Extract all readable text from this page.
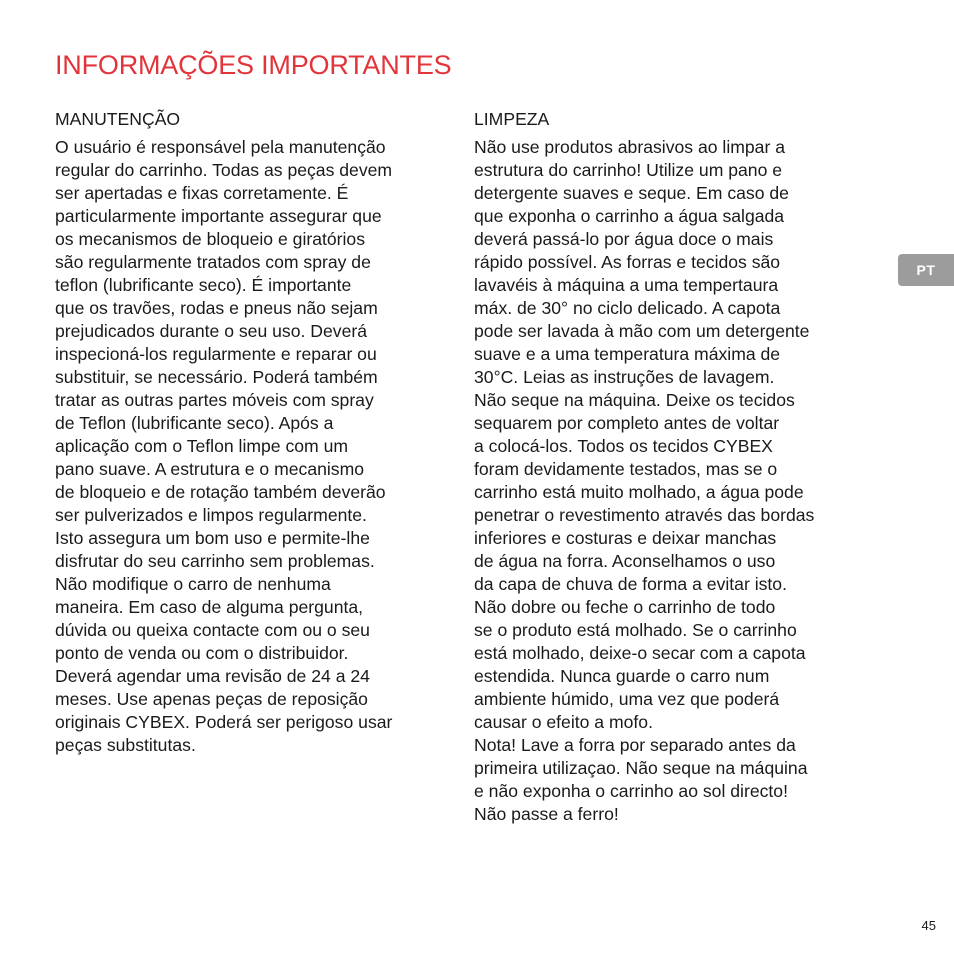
INFORMAÇÕES IMPORTANTES
MANUTENÇÃO
O usuário é responsável pela manutenção
regular do carrinho. Todas as peças devem
ser apertadas e fixas corretamente. É
particularmente importante assegurar que
os mecanismos de bloqueio e giratórios
são regularmente tratados com spray de
teflon (lubrificante seco). É importante
que os travões, rodas e pneus não sejam
prejudicados durante o seu uso. Deverá
inspecioná-los regularmente e reparar ou
substituir, se necessário. Poderá também
tratar as outras partes móveis com spray
de Teflon (lubrificante seco). Após a
aplicação com o Teflon limpe com um
pano suave. A estrutura e o mecanismo
de bloqueio e de rotação também deverão
ser pulverizados e limpos regularmente.
Isto assegura um bom uso e permite-lhe
disfrutar do seu carrinho sem problemas.
Não modifique o carro de nenhuma
maneira. Em caso de alguma pergunta,
dúvida ou queixa contacte com ou o seu
ponto de venda ou com o distribuidor.
Deverá agendar uma revisão de 24 a 24
meses. Use apenas peças de reposição
originais CYBEX. Poderá ser perigoso usar
peças substitutas.
LIMPEZA
Não use produtos abrasivos ao limpar a
estrutura do carrinho! Utilize um pano e
detergente suaves e seque. Em caso de
que exponha o carrinho a água salgada
deverá passá-lo por água doce o mais
rápido possível. As forras e tecidos são
lavavéis à máquina a uma tempertaura
máx. de 30° no ciclo delicado. A capota
pode ser lavada à mão com um detergente
suave e a uma temperatura máxima de
30°C. Leias as instruções de lavagem.
Não seque na máquina. Deixe os tecidos
sequarem por completo antes de voltar
a colocá-los. Todos os tecidos CYBEX
foram devidamente testados, mas se o
carrinho está muito molhado, a água pode
penetrar o revestimento através das bordas
inferiores e costuras e deixar manchas
de água na forra. Aconselhamos o uso
da capa de chuva de forma a evitar isto.
Não dobre ou feche o carrinho de todo
se o produto está molhado. Se o carrinho
está molhado, deixe-o secar com a capota
estendida. Nunca guarde o carro num
ambiente húmido, uma vez que poderá
causar o efeito a mofo.
Nota! Lave a forra por separado antes da
primeira utilizaçao. Não seque na máquina
e não exponha o carrinho ao sol directo!
Não passe a ferro!
PT
45
